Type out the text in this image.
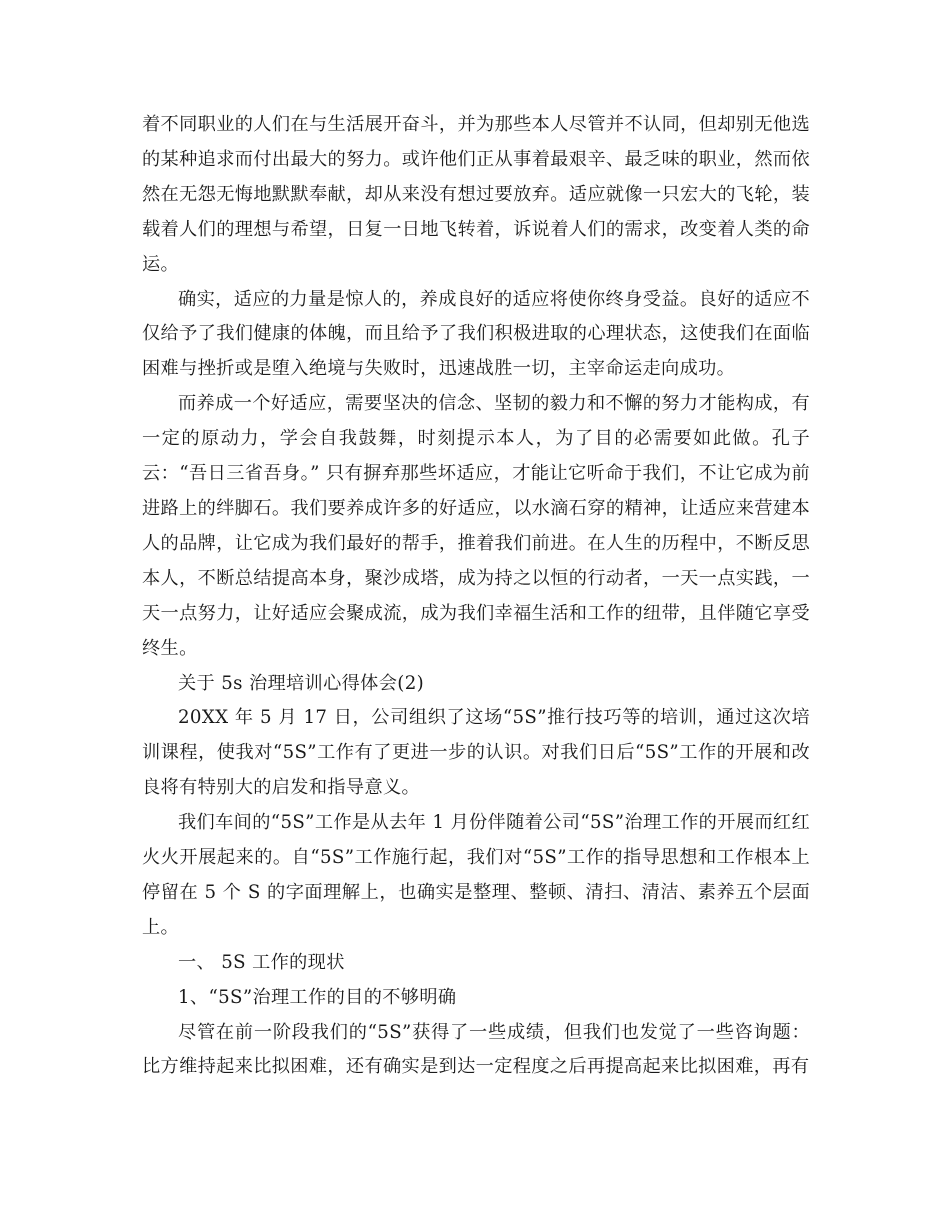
着不同职业的人们在与生活展开奋斗，并为那些本人尽管并不认同，但却别无他选的某种追求而付出最大的努力。或许他们正从事着最艰辛、最乏味的职业，然而依然在无怨无悔地默默奉献，却从来没有想过要放弃。适应就像一只宏大的飞轮，装载着人们的理想与希望，日复一日地飞转着，诉说着人们的需求，改变着人类的命运。

确实，适应的力量是惊人的，养成良好的适应将使你终身受益。良好的适应不仅给予了我们健康的体魄，而且给予了我们积极进取的心理状态，这使我们在面临困难与挫折或是堕入绝境与失败时，迅速战胜一切，主宰命运走向成功。

而养成一个好适应，需要坚决的信念、坚韧的毅力和不懈的努力才能构成，有一定的原动力，学会自我鼓舞，时刻提示本人，为了目的必需要如此做。孔子云：“吾日三省吾身。” 只有摒弃那些坏适应，才能让它听命于我们，不让它成为前进路上的绊脚石。我们要养成许多的好适应，以水滴石穿的精神，让适应来营建本人的品牌，让它成为我们最好的帮手，推着我们前进。在人生的历程中，不断反思本人，不断总结提高本身，聚沙成塔，成为持之以恒的行动者，一天一点实践，一天一点努力，让好适应会聚成流，成为我们幸福生活和工作的纽带，且伴随它享受终生。

关于 5s 治理培训心得体会(2)

20XX 年 5 月 17 日，公司组织了这场“5S”推行技巧等的培训，通过这次培训课程，使我对“5S”工作有了更进一步的认识。对我们日后“5S”工作的开展和改良将有特别大的启发和指导意义。

我们车间的“5S”工作是从去年 1 月份伴随着公司“5S”治理工作的开展而红红火火开展起来的。自“5S”工作施行起，我们对“5S”工作的指导思想和工作根本上停留在 5 个 S 的字面理解上，也确实是整理、整顿、清扫、清洁、素养五个层面上。

一、 5S 工作的现状

1、“5S”治理工作的目的不够明确

尽管在前一阶段我们的“5S”获得了一些成绩，但我们也发觉了一些咨询题：比方维持起来比拟困难，还有确实是到达一定程度之后再提高起来比拟困难，再有
